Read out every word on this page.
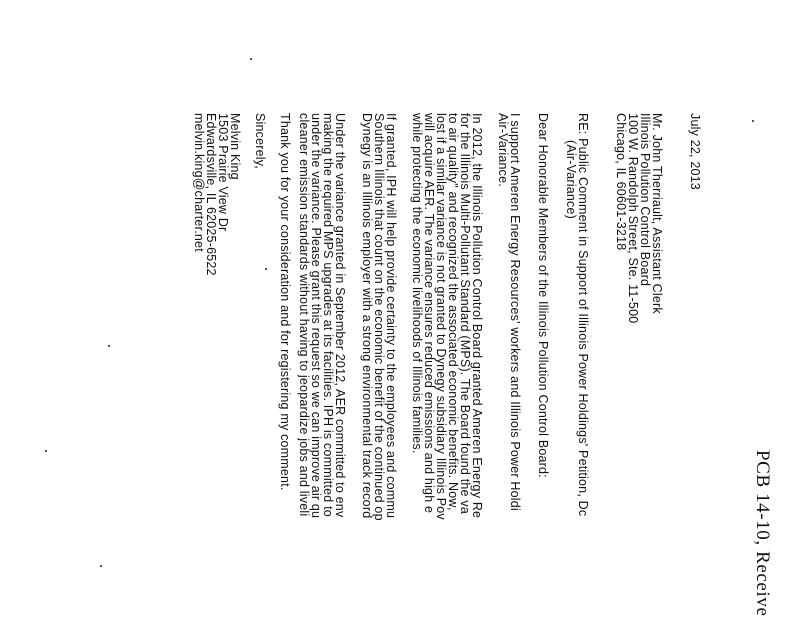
PCB 14-10, Receive
July 22, 2013
Mr. John Therriault, Assistant Clerk
Illinois Pollution Control Board
100 W. Randolph Street, Ste. 11-500
Chicago, IL 60601-3218
RE: Public Comment in Support of Illinois Power Holdings' Petition, Dc
(Air-Variance)
Dear Honorable Members of the Illinois Pollution Control Board:
I support Ameren Energy Resources' workers and Illinois Power Holdi
Air-Variance.
In 2012, the Illinois Pollution Control Board granted Ameren Energy Re
for the Illinois Multi-Pollutant Standard (MPS). The Board found the va
to air quality" and recognized the associated economic benefits. Now,
lost if a similar variance is not granted to Dynegy subsidiary Illinois Pov
will acquire AER. The variance ensures reduced emissions and high e
while protecting the economic livelihoods of Illinois families.
If granted, IPH will help provide certainty to the employees and commu
Southern Illinois that count on the economic benefit of the continued op
Dynegy is an Illinois employer with a strong environmental track record
Under the variance granted in September 2012, AER committed to env
making the required MPS upgrades at its facilities. IPH is committed to
under the variance. Please grant this request so we can improve air qu
cleaner emission standards without having to jeopardize jobs and liveli
Thank you for your consideration and for registering my comment.
Sincerely,
Melvin King
1503 Prairie View Dr
Edwardsville, IL 62025-6522
melvin.king@charter.net
